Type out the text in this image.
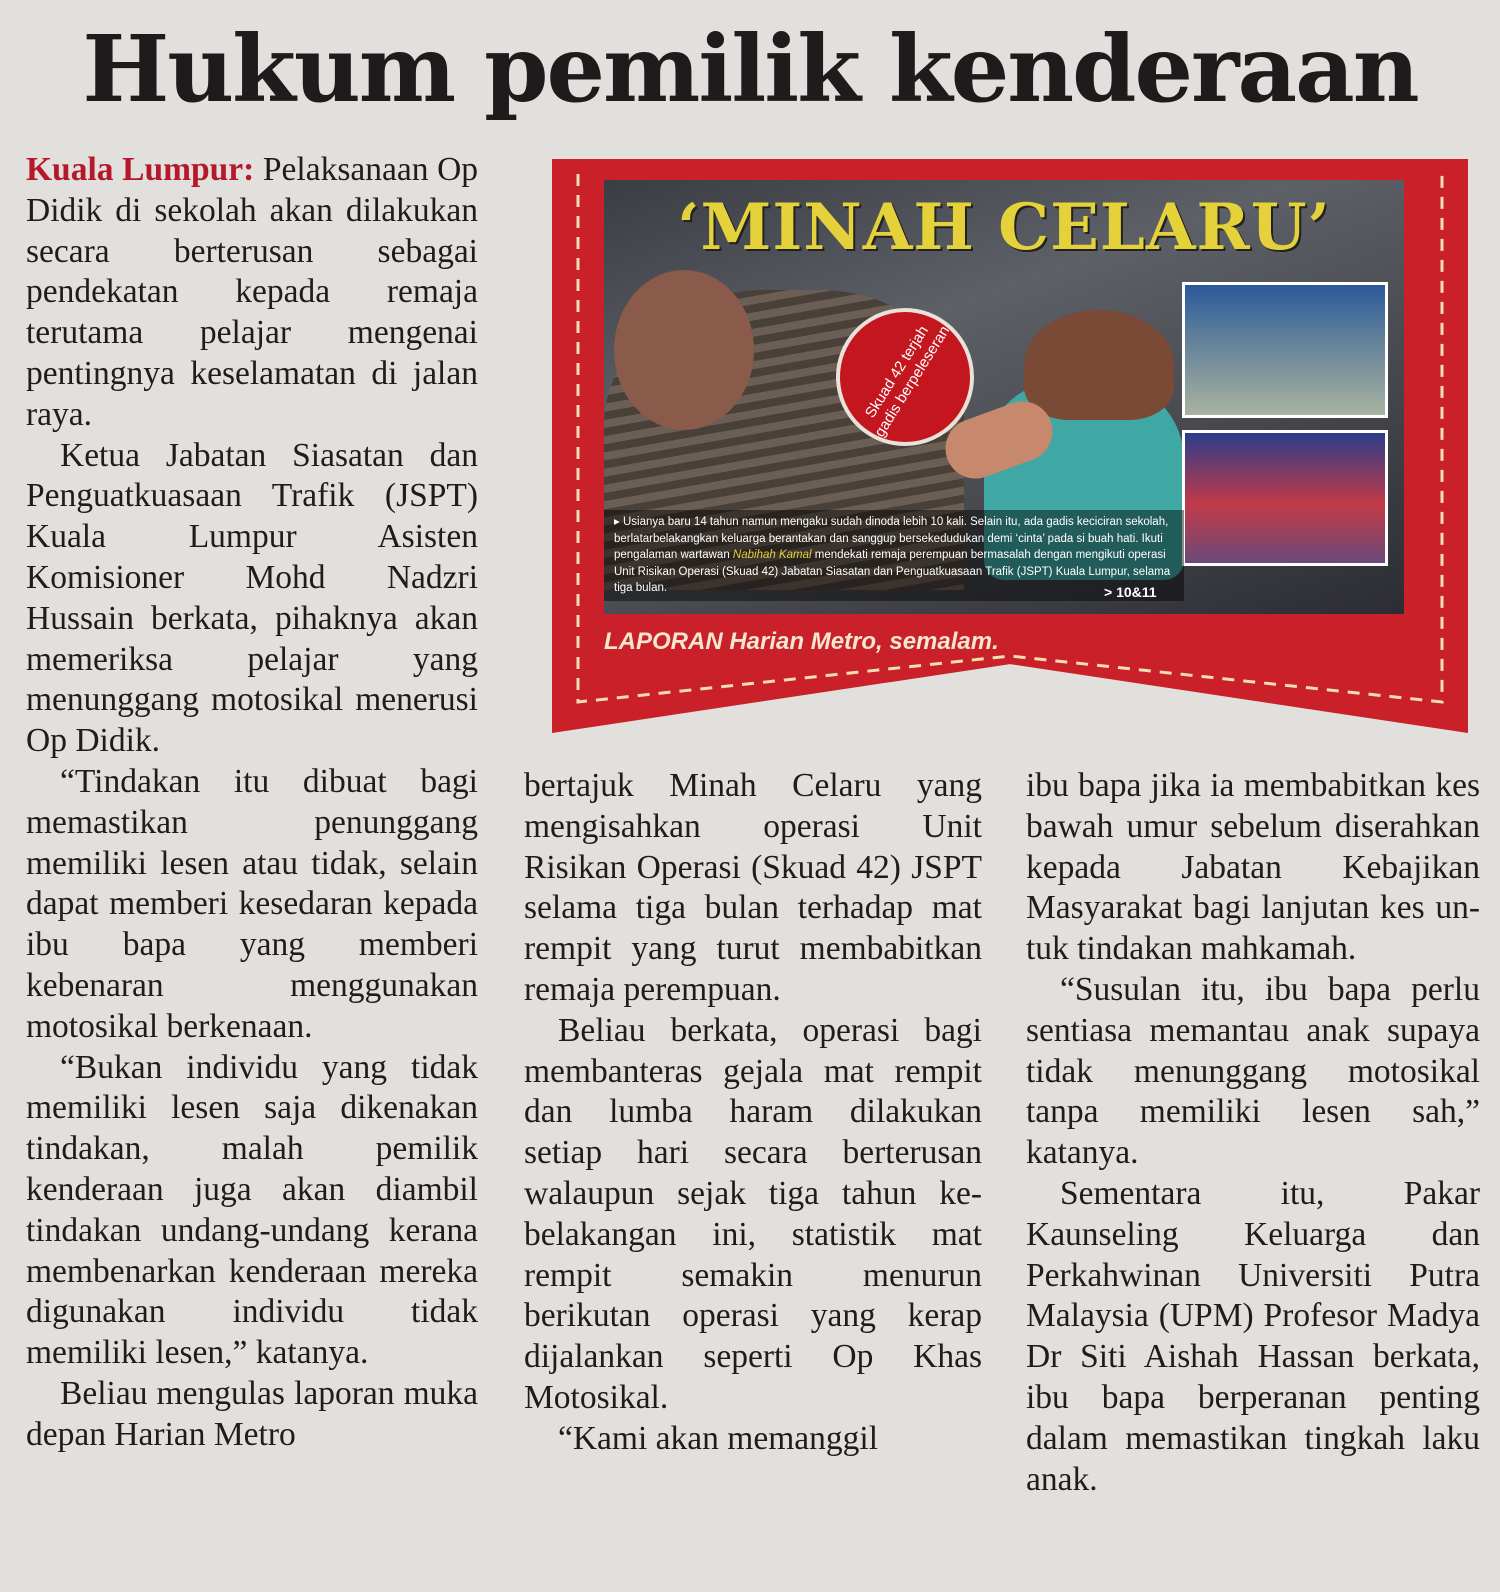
Hukum pemilik kenderaan

Kuala Lumpur: Pelaksanaan Op Didik di sekolah akan dilakukan secara berterusan sebagai pendekatan kepada remaja terutama pelajar mengenai pentingnya keselamatan di jalan raya.

Ketua Jabatan Siasatan dan Penguatkuasaan Trafik (JSPT) Kuala Lumpur Asisten Komisioner Mohd Nadzri Hussain berkata, pihaknya akan memeriksa pelajar yang menunggang motosikal menerusi Op Didik.

“Tindakan itu dibuat bagi memastikan penunggang memiliki lesen atau tidak, selain dapat memberi kesedaran kepada ibu bapa yang memberi kebenaran menggunakan motosikal berkenaan.

“Bukan individu yang tidak memiliki lesen saja dikenakan tindakan, malah pemilik kenderaan juga akan diambil tindakan undang-undang kerana membenarkan kenderaan mereka digunakan individu tidak memiliki lesen,” katanya.

Beliau mengulas laporan muka depan Harian Metro

‘MINAH CELARU’
Skuad 42 terjah gadis berpeleseran
▸ Usianya baru 14 tahun namun mengaku sudah dinoda lebih 10 kali. Selain itu, ada gadis keciciran sekolah, berlatarbelakangkan keluarga berantakan dan sanggup bersekedudukan demi ‘cinta’ pada si buah hati. Ikuti pengalaman wartawan Nabihah Kamal mendekati remaja perempuan bermasalah dengan mengikuti operasi Unit Risikan Operasi (Skuad 42) Jabatan Siasatan dan Penguatkuasaan Trafik (JSPT) Kuala Lumpur, selama tiga bulan.	> 10&11
LAPORAN Harian Metro, semalam.

bertajuk Minah Celaru yang mengisahkan operasi Unit Risikan Operasi (Skuad 42) JSPT selama tiga bulan terhadap mat rempit yang turut membabitkan remaja perempuan.

Beliau berkata, operasi bagi membanteras gejala mat rempit dan lumba haram dilakukan setiap hari secara berterusan walaupun sejak tiga tahun kebelakangan ini, statistik mat rempit semakin menurun berikutan operasi yang kerap dijalankan seperti Op Khas Motosikal.

“Kami akan memanggil

ibu bapa jika ia membabitkan kes bawah umur sebelum diserahkan kepada Jabatan Kebajikan Masyarakat bagi lanjutan kes untuk tindakan mahkamah.

“Susulan itu, ibu bapa perlu sentiasa memantau anak supaya tidak menunggang motosikal tanpa memiliki lesen sah,” katanya.

Sementara itu, Pakar Kaunseling Keluarga dan Perkahwinan Universiti Putra Malaysia (UPM) Profesor Madya Dr Siti Aishah Hassan berkata, ibu bapa berperanan penting dalam memastikan tingkah laku anak.
